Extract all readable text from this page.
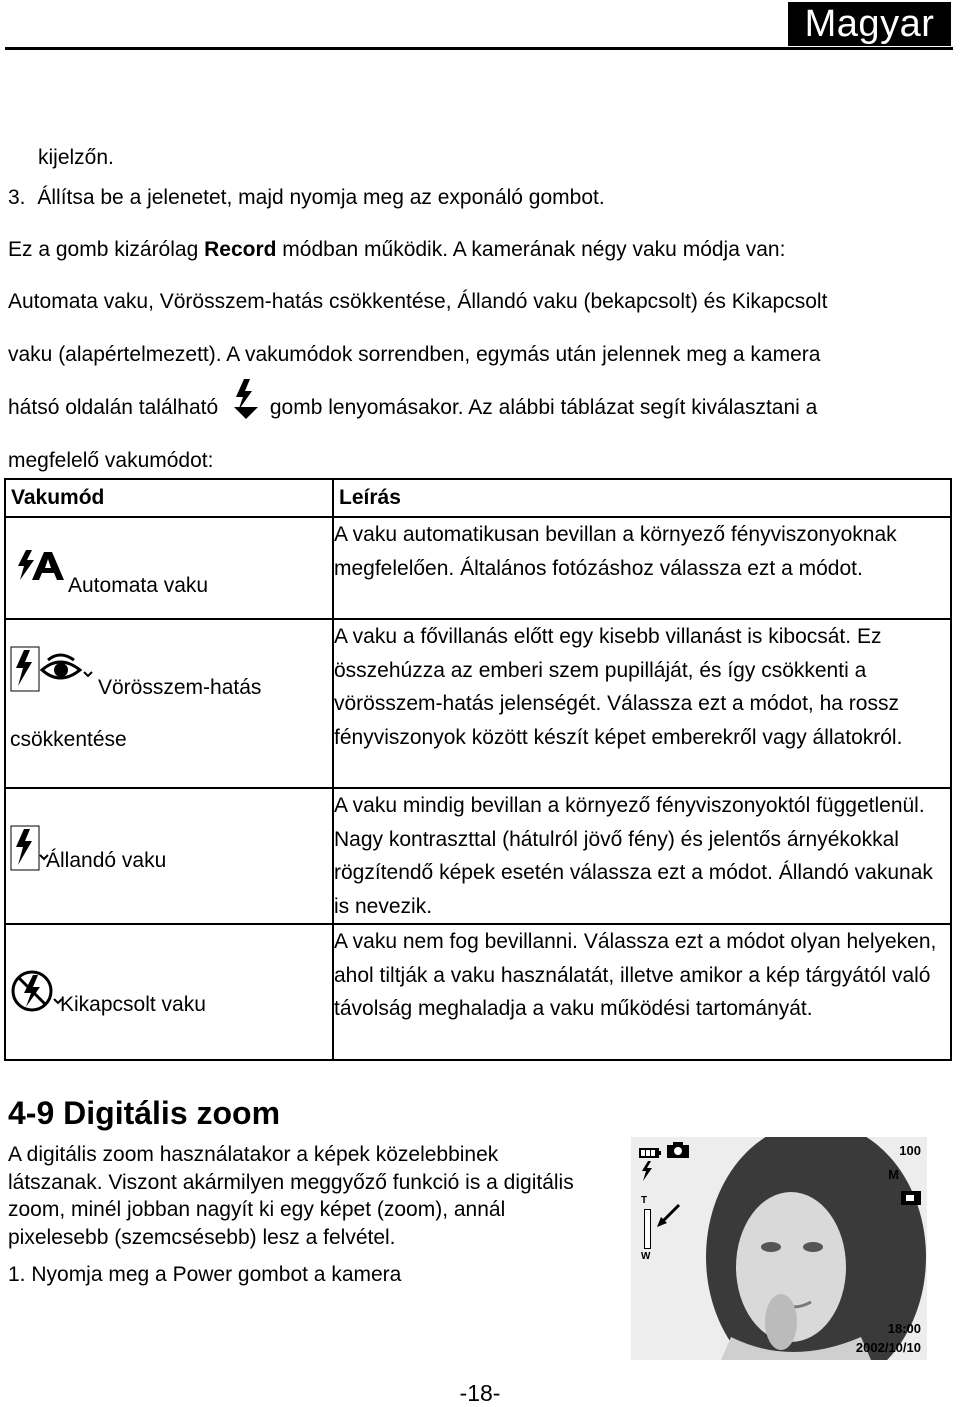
Magyar
kijelzőn.
3. Állítsa be a jelenetet, majd nyomja meg az exponáló gombot.
Ez a gomb kizárólag Record módban működik. A kamerának négy vaku módja van:
Automata vaku, Vörösszem-hatás csökkentése, Állandó vaku (bekapcsolt) és Kikapcsolt
vaku (alapértelmezett). A vakumódok sorrendben, egymás után jelennek meg a kamera
hátsó oldalán található gomb lenyomásakor. Az alábbi táblázat segít kiválasztani a
megfelelő vakumódot:
Vakumód	Leírás

Automata vaku	A vaku automatikusan bevillan a környező fényviszonyoknak megfelelően. Általános fotózáshoz válassza ezt a módot.

Vörösszem-hatás
csökkentése	A vaku a fővillanás előtt egy kisebb villanást is kibocsát. Ez összehúzza az emberi szem pupilláját, és így csökkenti a vörösszem-hatás jelenségét. Válassza ezt a módot, ha rossz fényviszonyok között készít képet emberekről vagy állatokról.

Állandó vaku	A vaku mindig bevillan a környező fényviszonyoktól függetlenül. Nagy kontraszttal (hátulról jövő fény) és jelentős árnyékokkal rögzítendő képek esetén válassza ezt a módot. Állandó vakunak is nevezik.

Kikapcsolt vaku	A vaku nem fog bevillanni. Válassza ezt a módot olyan helyeken, ahol tiltják a vaku használatát, illetve amikor a kép tárgyától való távolság meghaladja a vaku működési tartományát.
4-9 Digitális zoom
A digitális zoom használatakor a képek közelebbinek látszanak. Viszont akármilyen meggyőző funkció is a digitális zoom, minél jobban nagyít ki egy képet (zoom), annál pixelesebb (szemcsésebb) lesz a felvétel.
1. Nyomja meg a Power gombot a kamera
100
M
T
W
18:00
2002/10/10
-18-
